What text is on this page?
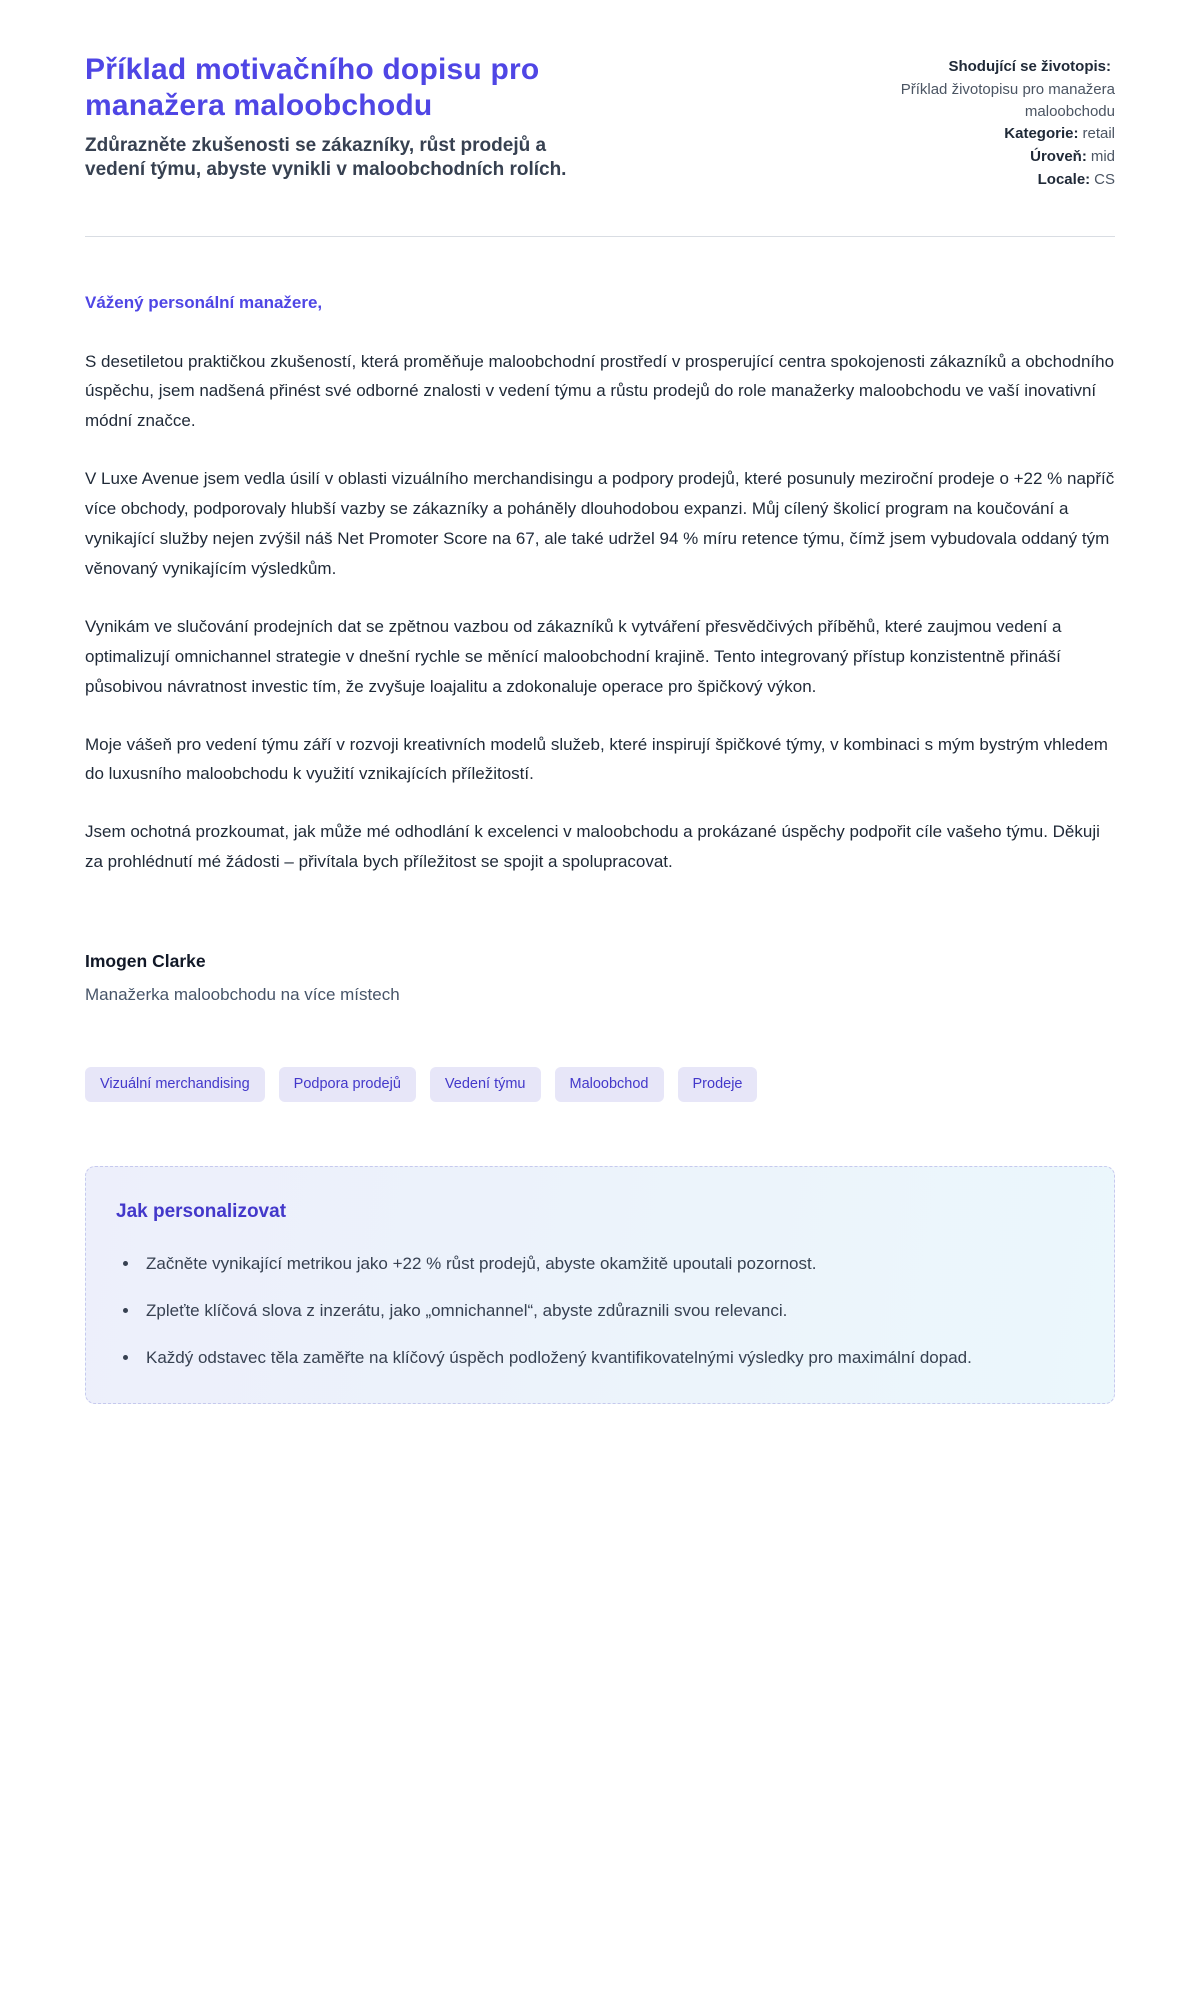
Příklad motivačního dopisu pro manažera maloobchodu

Zdůrazněte zkušenosti se zákazníky, růst prodejů a vedení týmu, abyste vynikli v maloobchodních rolích.

Shodující se životopis:
Příklad životopisu pro manažera maloobchodu
Kategorie: retail
Úroveň: mid
Locale: CS

Vážený personální manažere,

S desetiletou praktičkou zkušeností, která proměňuje maloobchodní prostředí v prosperující centra spokojenosti zákazníků a obchodního úspěchu, jsem nadšená přinést své odborné znalosti v vedení týmu a růstu prodejů do role manažerky maloobchodu ve vaší inovativní módní značce.

V Luxe Avenue jsem vedla úsilí v oblasti vizuálního merchandisingu a podpory prodejů, které posunuly meziroční prodeje o +22 % napříč více obchody, podporovaly hlubší vazby se zákazníky a poháněly dlouhodobou expanzi. Můj cílený školicí program na koučování a vynikající služby nejen zvýšil náš Net Promoter Score na 67, ale také udržel 94 % míru retence týmu, čímž jsem vybudovala oddaný tým věnovaný vynikajícím výsledkům.

Vynikám ve slučování prodejních dat se zpětnou vazbou od zákazníků k vytváření přesvědčivých příběhů, které zaujmou vedení a optimalizují omnichannel strategie v dnešní rychle se měnící maloobchodní krajině. Tento integrovaný přístup konzistentně přináší působivou návratnost investic tím, že zvyšuje loajalitu a zdokonaluje operace pro špičkový výkon.

Moje vášeň pro vedení týmu září v rozvoji kreativních modelů služeb, které inspirují špičkové týmy, v kombinaci s mým bystrým vhledem do luxusního maloobchodu k využití vznikajících příležitostí.

Jsem ochotná prozkoumat, jak může mé odhodlání k excelenci v maloobchodu a prokázané úspěchy podpořit cíle vašeho týmu. Děkuji za prohlédnutí mé žádosti – přivítala bych příležitost se spojit a spolupracovat.

Imogen Clarke

Manažerka maloobchodu na více místech

Vizuální merchandising	Podpora prodejů	Vedení týmu	Maloobchod	Prodeje
Jak personalizovat
• Začněte vynikající metrikou jako +22 % růst prodejů, abyste okamžitě upoutali pozornost.
• Zpleťte klíčová slova z inzerátu, jako „omnichannel“, abyste zdůraznili svou relevanci.
• Každý odstavec těla zaměřte na klíčový úspěch podložený kvantifikovatelnými výsledky pro maximální dopad.
